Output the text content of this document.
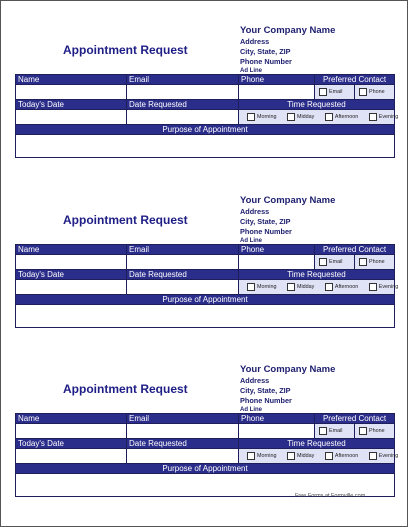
Your Company Name
Address
City, State, ZIP
Phone Number
Ad Line
Appointment Request
Name	Email	Phone	Preferred Contact	
			Email	Phone
Today's Date	Date Requested	Time Requested		
		Morning Midday Afternoon Evening		
Purpose of Appointment				

Your Company Name
Address
City, State, ZIP
Phone Number
Ad Line
Appointment Request
Name	Email	Phone	Preferred Contact	
			Email	Phone
Today's Date	Date Requested	Time Requested		
		Morning Midday Afternoon Evening		
Purpose of Appointment				

Your Company Name
Address
City, State, ZIP
Phone Number
Ad Line
Appointment Request
Name	Email	Phone	Preferred Contact	
			Email	Phone
Today's Date	Date Requested	Time Requested		
		Morning Midday Afternoon Evening		
Purpose of Appointment				

Free Forms at Formville.com
